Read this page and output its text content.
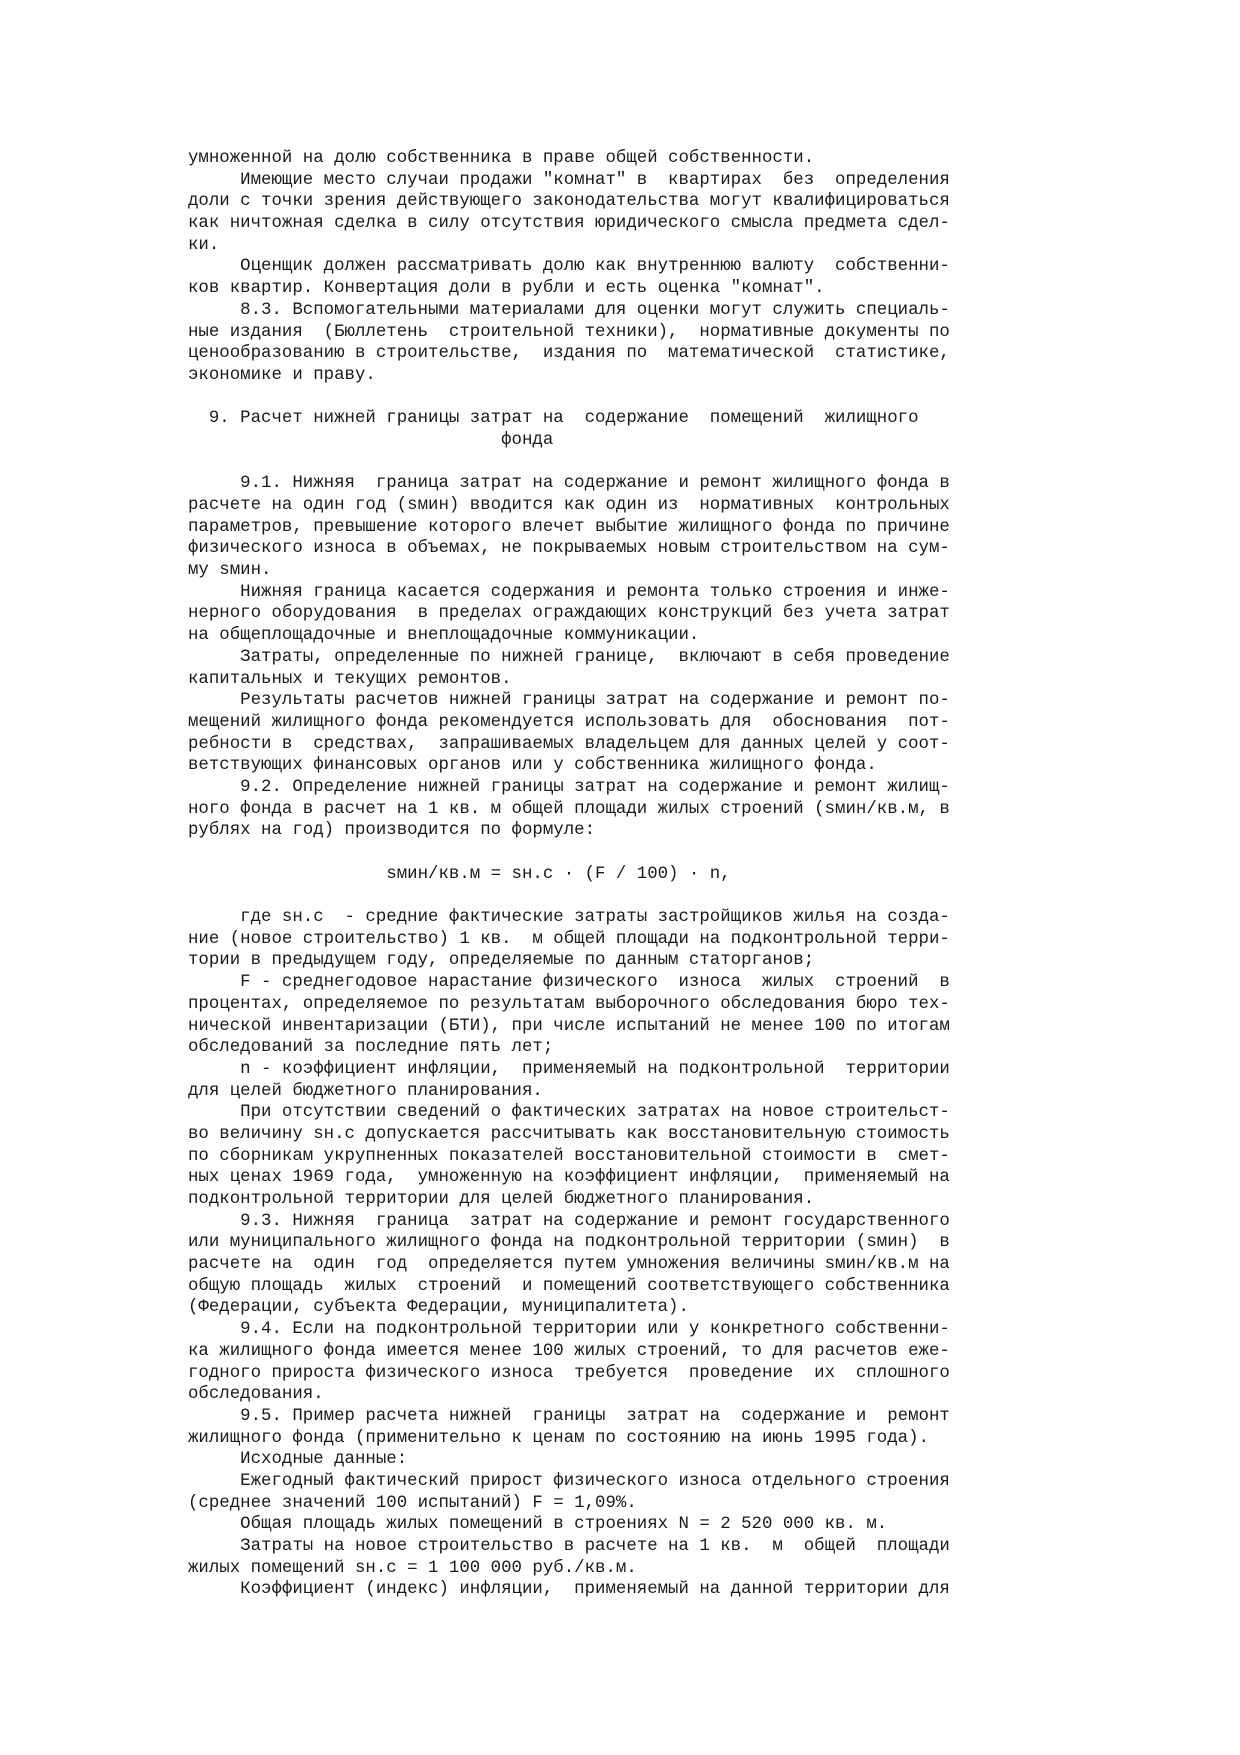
умноженной на долю собственника в праве общей собственности.
Имеющие место случаи продажи "комнат" в  квартирах  без  определения
доли с точки зрения действующего законодательства могут квалифицироваться
как ничтожная сделка в силу отсутствия юридического смысла предмета сдел-
ки.
Оценщик должен рассматривать долю как внутреннюю валюту  собственни-
ков квартир. Конвертация доли в рубли и есть оценка "комнат".
8.3. Вспомогательными материалами для оценки могут служить специаль-
ные издания  (Бюллетень  строительной техники),  нормативные документы по
ценообразованию в строительстве,  издания по  математической  статистике,
экономике и праву.
9. Расчет нижней границы затрат на  содержание  помещений  жилищного
фонда
9.1. Нижняя  граница затрат на содержание и ремонт жилищного фонда в
расчете на один год (sмин) вводится как один из  нормативных  контрольных
параметров, превышение которого влечет выбытие жилищного фонда по причине
физического износа в объемах, не покрываемых новым строительством на сум-
му sмин.
Нижняя граница касается содержания и ремонта только строения и инже-
нерного оборудования  в пределах ограждающих конструкций без учета затрат
на общеплощадочные и внеплощадочные коммуникации.
Затраты, определенные по нижней границе,  включают в себя проведение
капитальных и текущих ремонтов.
Результаты расчетов нижней границы затрат на содержание и ремонт по-
мещений жилищного фонда рекомендуется использовать для  обоснования  пот-
ребности в  средствах,  запрашиваемых владельцем для данных целей у соот-
ветствующих финансовых органов или у собственника жилищного фонда.
9.2. Определение нижней границы затрат на содержание и ремонт жилищ-
ного фонда в расчет на 1 кв. м общей площади жилых строений (sмин/кв.м, в
рублях на год) производится по формуле:
sмин/кв.м = sн.с · (F / 100) · n,
где sн.с  - средние фактические затраты застройщиков жилья на созда-
ние (новое строительство) 1 кв.  м общей площади на подконтрольной терри-
тории в предыдущем году, определяемые по данным статорганов;
F - среднегодовое нарастание физического  износа  жилых  строений  в
процентах, определяемое по результатам выборочного обследования бюро тех-
нической инвентаризации (БТИ), при числе испытаний не менее 100 по итогам
обследований за последние пять лет;
n - коэффициент инфляции,  применяемый на подконтрольной  территории
для целей бюджетного планирования.
При отсутствии сведений о фактических затратах на новое строительст-
во величину sн.с допускается рассчитывать как восстановительную стоимость
по сборникам укрупненных показателей восстановительной стоимости в  смет-
ных ценах 1969 года,  умноженную на коэффициент инфляции,  применяемый на
подконтрольной территории для целей бюджетного планирования.
9.3. Нижняя  граница  затрат на содержание и ремонт государственного
или муниципального жилищного фонда на подконтрольной территории (sмин)  в
расчете на  один  год  определяется путем умножения величины sмин/кв.м на
общую площадь  жилых  строений  и помещений соответствующего собственника
(Федерации, субъекта Федерации, муниципалитета).
9.4. Если на подконтрольной территории или у конкретного собственни-
ка жилищного фонда имеется менее 100 жилых строений, то для расчетов еже-
годного прироста физического износа  требуется  проведение  их  сплошного
обследования.
9.5. Пример расчета нижней  границы  затрат на  содержание и  ремонт
жилищного фонда (применительно к ценам по состоянию на июнь 1995 года).
Исходные данные:
Ежегодный фактический прирост физического износа отдельного строения
(среднее значений 100 испытаний) F = 1,09%.
Общая площадь жилых помещений в строениях N = 2 520 000 кв. м.
Затраты на новое строительство в расчете на 1 кв.  м  общей  площади
жилых помещений sн.с = 1 100 000 руб./кв.м.
Коэффициент (индекс) инфляции,  применяемый на данной территории для
